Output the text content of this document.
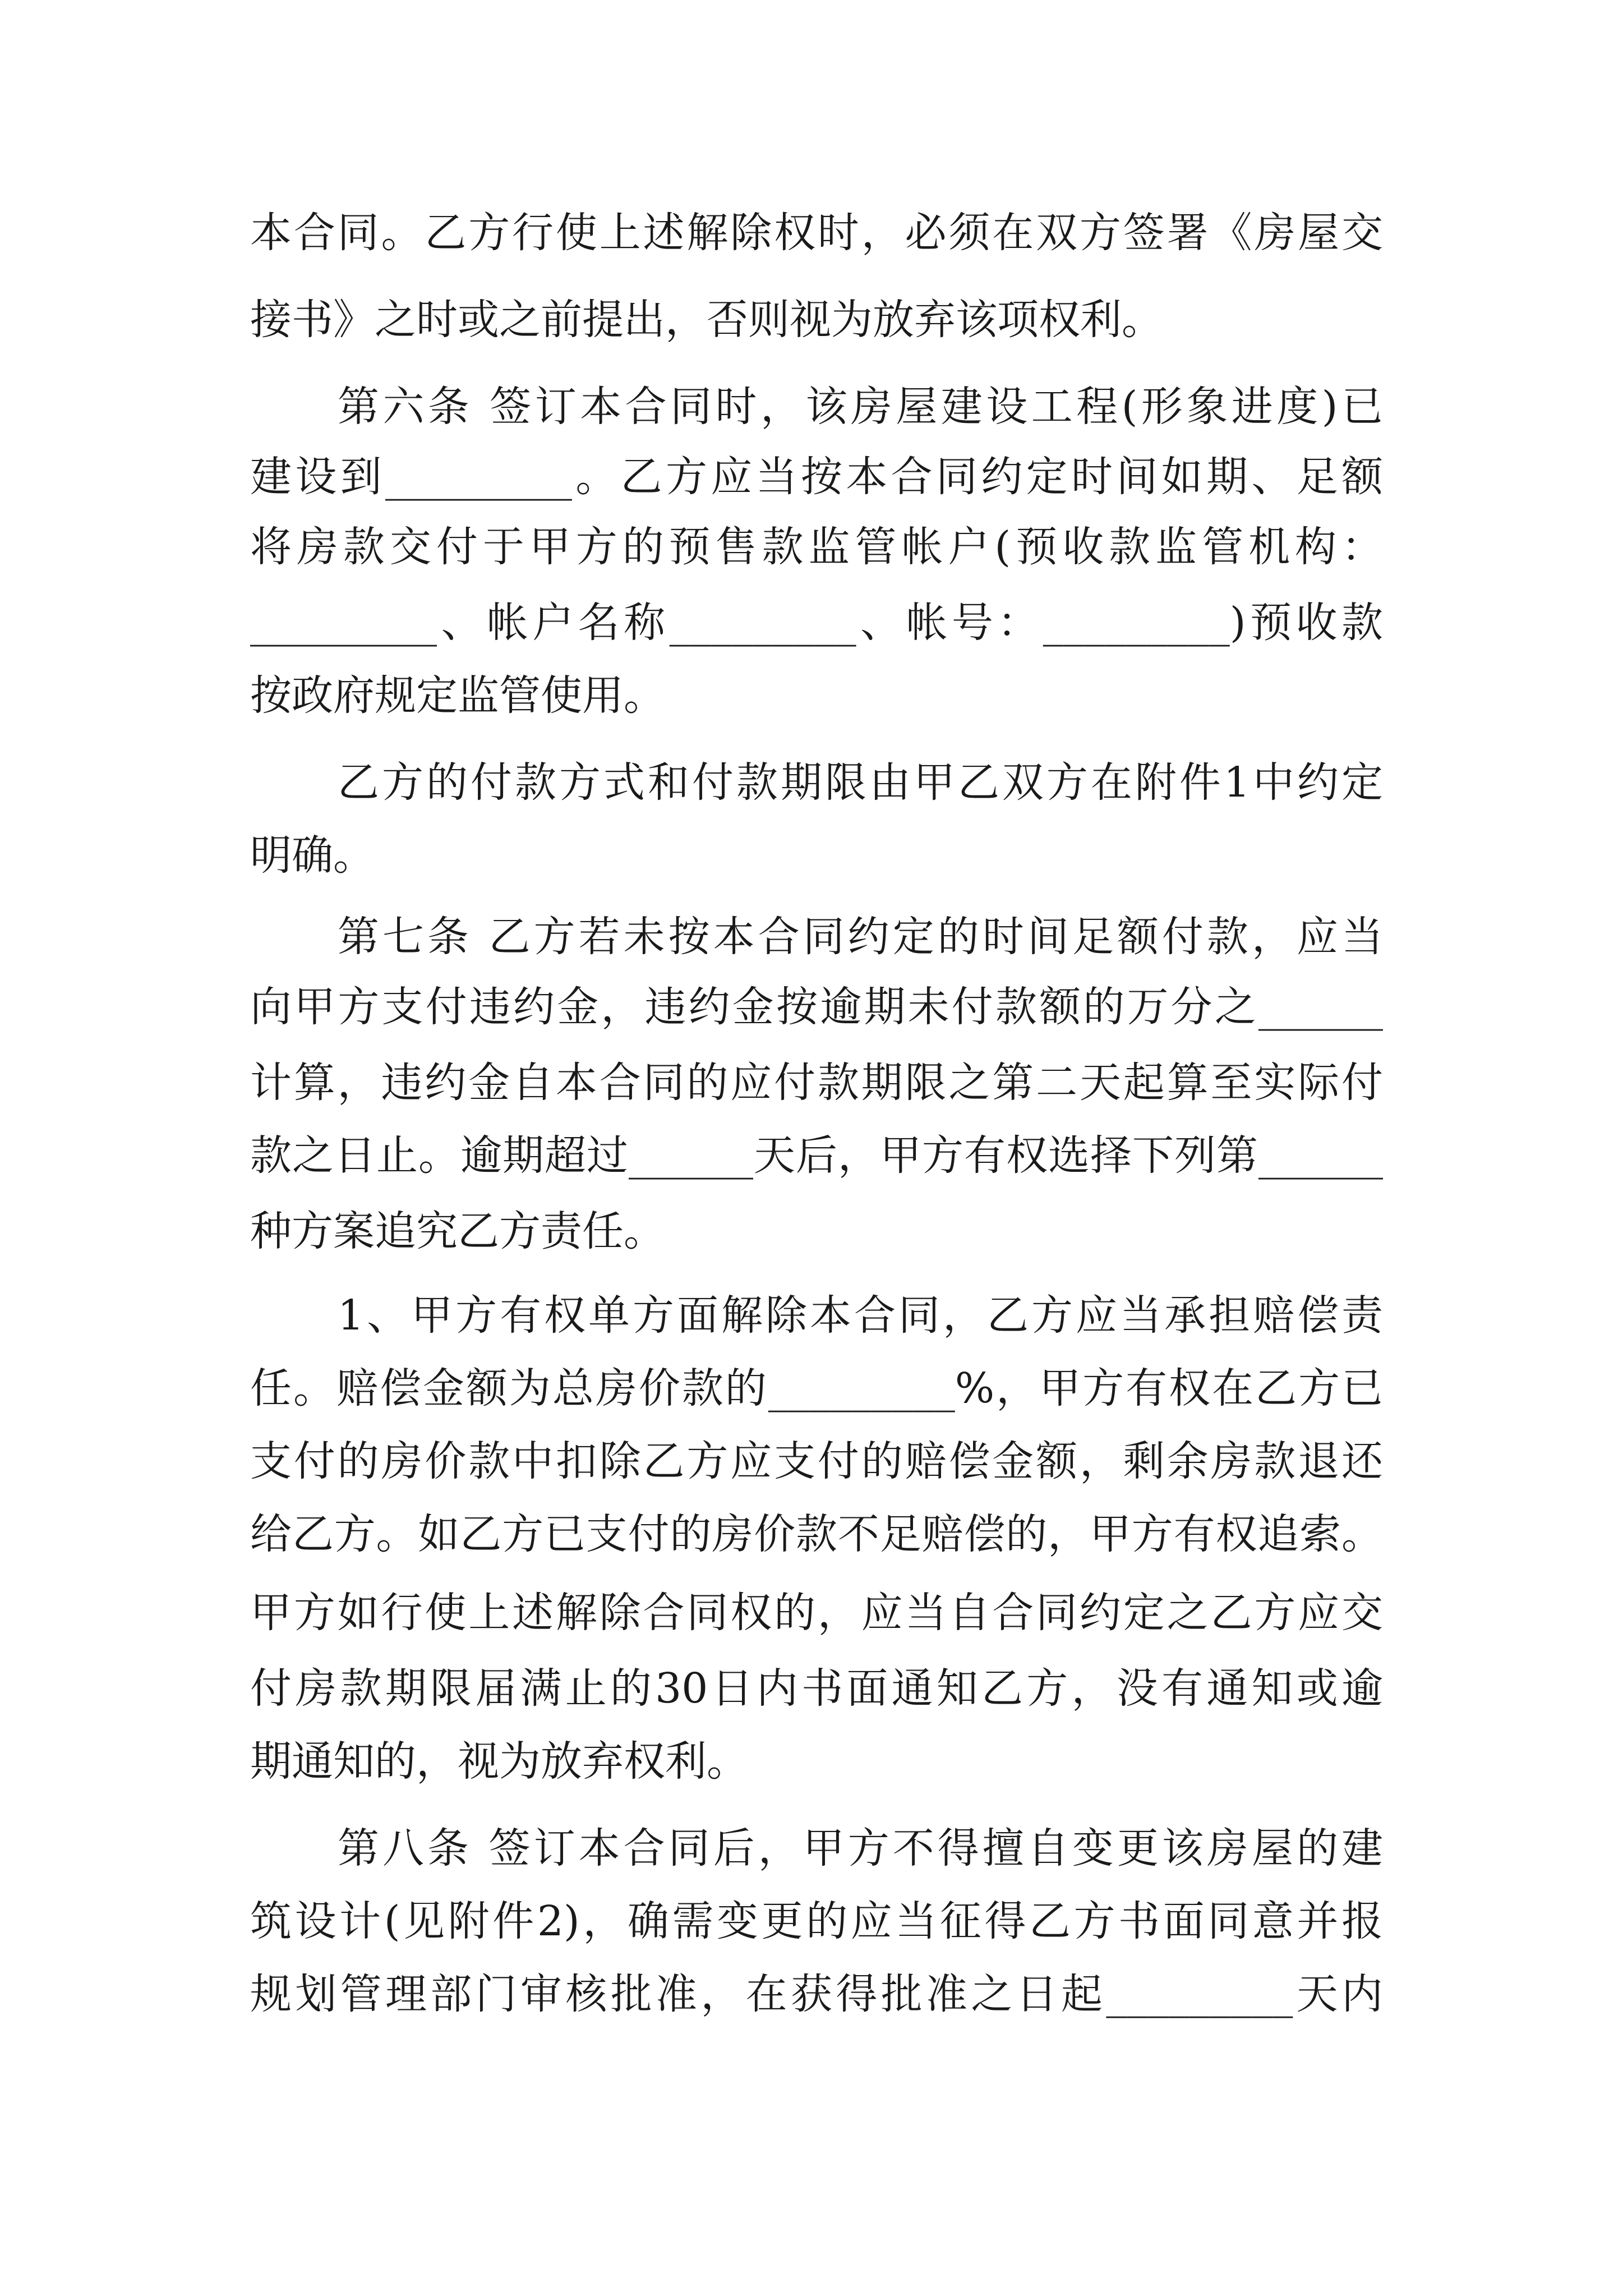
本合同。乙方行使上述解除权时，必须在双方签署《房屋交
接书》之时或之前提出，否则视为放弃该项权利。
第六条 签订本合同时，该房屋建设工程(形象进度)已
建设到_________。乙方应当按本合同约定时间如期、足额
将房款交付于甲方的预售款监管帐户(预收款监管机构：
_________、帐户名称_________、帐号：_________)预收款
按政府规定监管使用。
乙方的付款方式和付款期限由甲乙双方在附件1中约定
明确。
第七条 乙方若未按本合同约定的时间足额付款，应当
向甲方支付违约金，违约金按逾期未付款额的万分之______
计算，违约金自本合同的应付款期限之第二天起算至实际付
款之日止。逾期超过______天后，甲方有权选择下列第______
种方案追究乙方责任。
1、甲方有权单方面解除本合同，乙方应当承担赔偿责
任。赔偿金额为总房价款的_________%，甲方有权在乙方已
支付的房价款中扣除乙方应支付的赔偿金额，剩余房款退还
给乙方。如乙方已支付的房价款不足赔偿的，甲方有权追索。
甲方如行使上述解除合同权的，应当自合同约定之乙方应交
付房款期限届满止的30日内书面通知乙方，没有通知或逾
期通知的，视为放弃权利。
第八条 签订本合同后，甲方不得擅自变更该房屋的建
筑设计(见附件2)，确需变更的应当征得乙方书面同意并报
规划管理部门审核批准，在获得批准之日起_________天内
